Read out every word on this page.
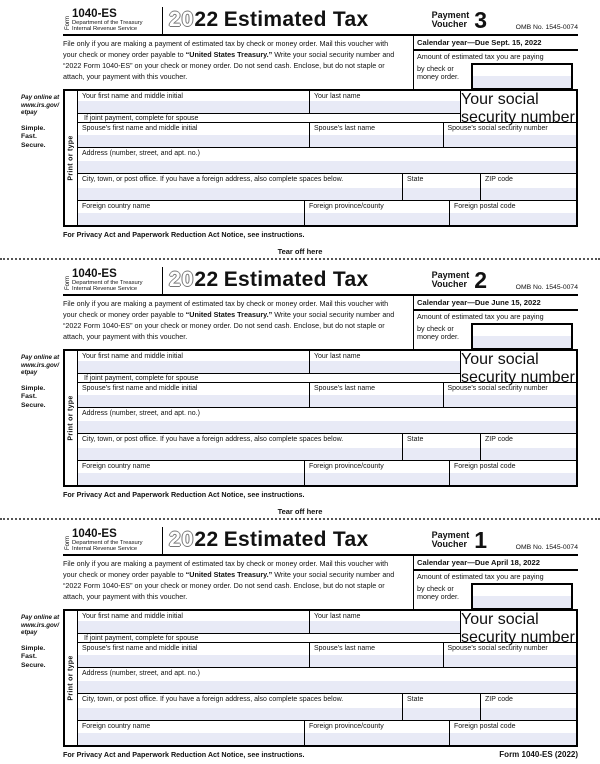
Pay online at
www.irs.gov/
etpay
Simple.
Fast.
Secure.
Form
1040-ES
Department of the Treasury
Internal Revenue Service 20 22 Estimated Tax	Payment
Voucher 3	OMB No. 1545-0074

File only if you are making a payment of estimated tax by check or money order. Mail this voucher with your check or money order payable to “United States Treasury.” Write your social security number and “2022 Form 1040-ES” on your check or money order. Do not send cash. Enclose, but do not staple or attach, your payment with this voucher.

Calendar year—Due Sept. 15, 2022
Amount of estimated tax you are paying
by check or
money order.
Print or type
Your first name and middle initial	Your last name
If joint payment, complete for spouse
Your social security number
Spouse’s first name and middle initial	Spouse’s last name	Spouse’s social security number
Address (number, street, and apt. no.)
City, town, or post office. If you have a foreign address, also complete spaces below.	State	ZIP code
Foreign country name	Foreign province/county	Foreign postal code
For Privacy Act and Paperwork Reduction Act Notice, see instructions.
Tear off here
Pay online at
www.irs.gov/
etpay
Simple.
Fast.
Secure.
Form
1040-ES
Department of the Treasury
Internal Revenue Service 20 22 Estimated Tax	Payment
Voucher 2	OMB No. 1545-0074

File only if you are making a payment of estimated tax by check or money order. Mail this voucher with your check or money order payable to “United States Treasury.” Write your social security number and “2022 Form 1040-ES” on your check or money order. Do not send cash. Enclose, but do not staple or attach, your payment with this voucher.

Calendar year—Due June 15, 2022
Amount of estimated tax you are paying
by check or
money order.
Print or type
Your first name and middle initial	Your last name
If joint payment, complete for spouse
Your social security number
Spouse’s first name and middle initial	Spouse’s last name	Spouse’s social security number
Address (number, street, and apt. no.)
City, town, or post office. If you have a foreign address, also complete spaces below.	State	ZIP code
Foreign country name	Foreign province/county	Foreign postal code
For Privacy Act and Paperwork Reduction Act Notice, see instructions.
Tear off here
Pay online at
www.irs.gov/
etpay
Simple.
Fast.
Secure.
Form
1040-ES
Department of the Treasury
Internal Revenue Service 20 22 Estimated Tax	Payment
Voucher 1	OMB No. 1545-0074

File only if you are making a payment of estimated tax by check or money order. Mail this voucher with your check or money order payable to “United States Treasury.” Write your social security number and “2022 Form 1040-ES” on your check or money order. Do not send cash. Enclose, but do not staple or attach, your payment with this voucher.

Calendar year—Due April 18, 2022
Amount of estimated tax you are paying
by check or
money order.
Print or type
Your first name and middle initial	Your last name
If joint payment, complete for spouse
Your social security number
Spouse’s first name and middle initial	Spouse’s last name	Spouse’s social security number
Address (number, street, and apt. no.)
City, town, or post office. If you have a foreign address, also complete spaces below.	State	ZIP code
Foreign country name	Foreign province/county	Foreign postal code
For Privacy Act and Paperwork Reduction Act Notice, see instructions.	Form 1040-ES (2022)
